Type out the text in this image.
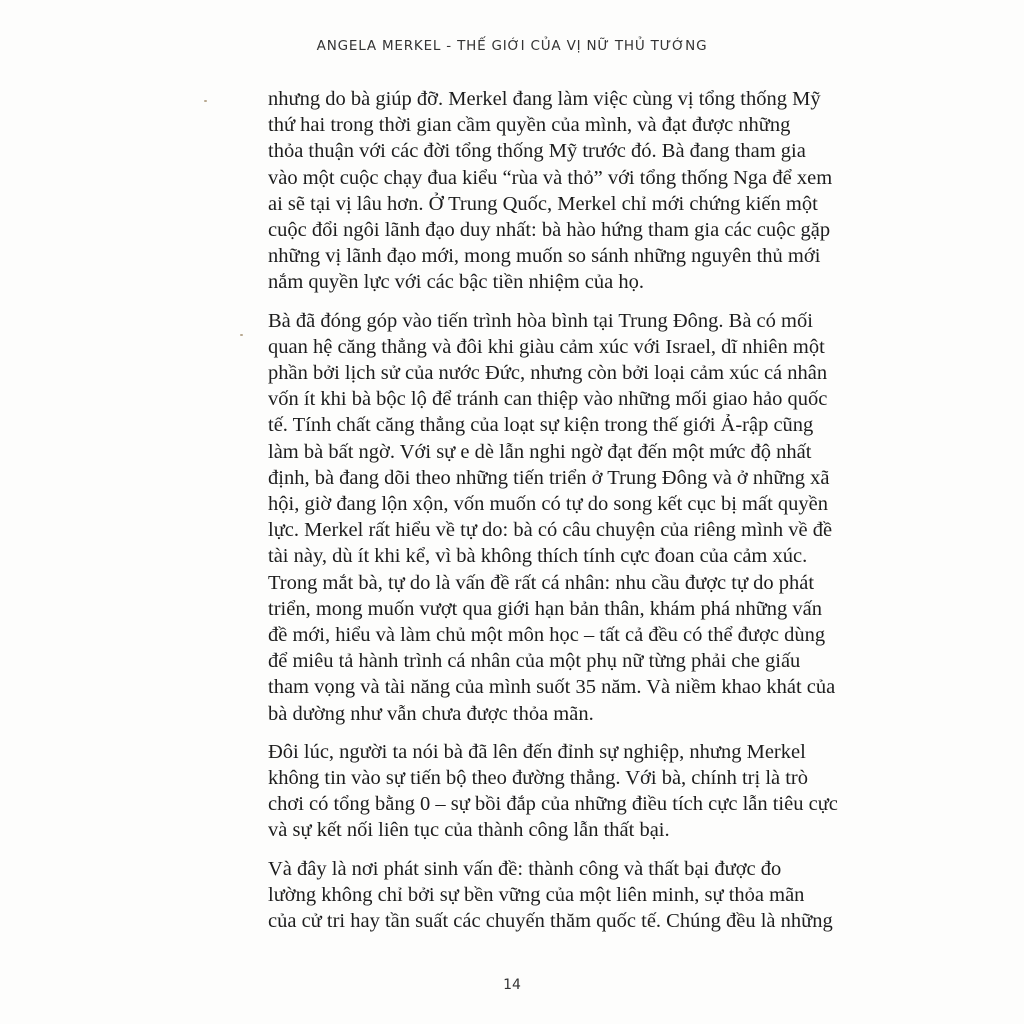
ANGELA MERKEL - THẾ GIỚI CỦA VỊ NỮ THỦ TƯỚNG
nhưng do bà giúp đỡ. Merkel đang làm việc cùng vị tổng thống Mỹ
thứ hai trong thời gian cầm quyền của mình, và đạt được những
thỏa thuận với các đời tổng thống Mỹ trước đó. Bà đang tham gia
vào một cuộc chạy đua kiểu “rùa và thỏ” với tổng thống Nga để xem
ai sẽ tại vị lâu hơn. Ở Trung Quốc, Merkel chỉ mới chứng kiến một
cuộc đổi ngôi lãnh đạo duy nhất: bà hào hứng tham gia các cuộc gặp
những vị lãnh đạo mới, mong muốn so sánh những nguyên thủ mới
nắm quyền lực với các bậc tiền nhiệm của họ.
Bà đã đóng góp vào tiến trình hòa bình tại Trung Đông. Bà có mối
quan hệ căng thẳng và đôi khi giàu cảm xúc với Israel, dĩ nhiên một
phần bởi lịch sử của nước Đức, nhưng còn bởi loại cảm xúc cá nhân
vốn ít khi bà bộc lộ để tránh can thiệp vào những mối giao hảo quốc
tế. Tính chất căng thẳng của loạt sự kiện trong thế giới Ả-rập cũng
làm bà bất ngờ. Với sự e dè lẫn nghi ngờ đạt đến một mức độ nhất
định, bà đang dõi theo những tiến triển ở Trung Đông và ở những xã
hội, giờ đang lộn xộn, vốn muốn có tự do song kết cục bị mất quyền
lực. Merkel rất hiểu về tự do: bà có câu chuyện của riêng mình về đề
tài này, dù ít khi kể, vì bà không thích tính cực đoan của cảm xúc.
Trong mắt bà, tự do là vấn đề rất cá nhân: nhu cầu được tự do phát
triển, mong muốn vượt qua giới hạn bản thân, khám phá những vấn
đề mới, hiểu và làm chủ một môn học – tất cả đều có thể được dùng
để miêu tả hành trình cá nhân của một phụ nữ từng phải che giấu
tham vọng và tài năng của mình suốt 35 năm. Và niềm khao khát của
bà dường như vẫn chưa được thỏa mãn.
Đôi lúc, người ta nói bà đã lên đến đỉnh sự nghiệp, nhưng Merkel
không tin vào sự tiến bộ theo đường thẳng. Với bà, chính trị là trò
chơi có tổng bằng 0 – sự bồi đắp của những điều tích cực lẫn tiêu cực
và sự kết nối liên tục của thành công lẫn thất bại.
Và đây là nơi phát sinh vấn đề: thành công và thất bại được đo
lường không chỉ bởi sự bền vững của một liên minh, sự thỏa mãn
của cử tri hay tần suất các chuyến thăm quốc tế. Chúng đều là những
14
